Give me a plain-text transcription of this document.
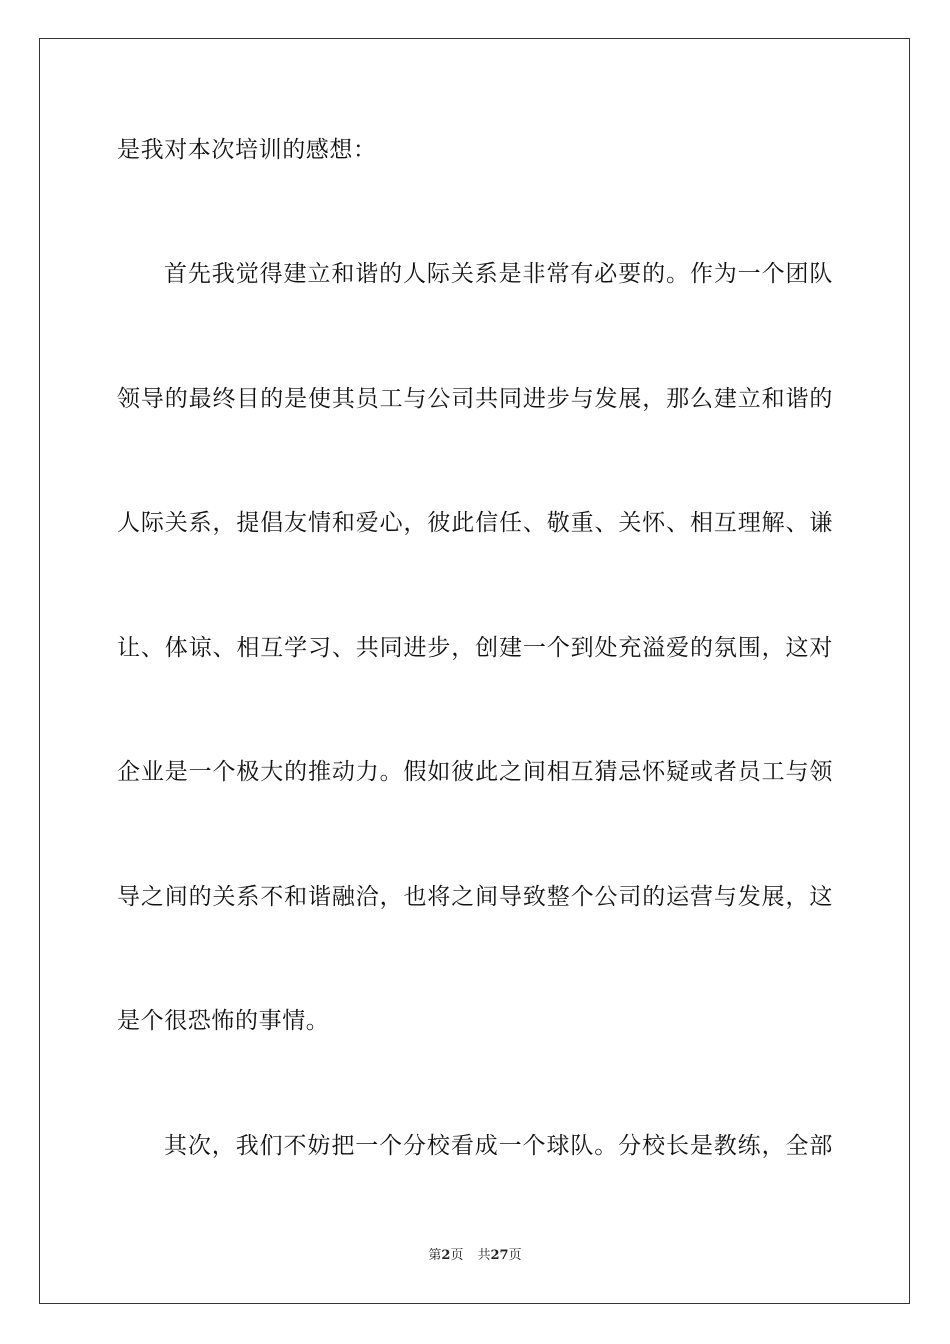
是我对本次培训的感想：
首先我觉得建立和谐的人际关系是非常有必要的。作为一个团队
领导的最终目的是使其员工与公司共同进步与发展，那么建立和谐的
人际关系，提倡友情和爱心，彼此信任、敬重、关怀、相互理解、谦
让、体谅、相互学习、共同进步，创建一个到处充溢爱的氛围，这对
企业是一个极大的推动力。假如彼此之间相互猜忌怀疑或者员工与领
导之间的关系不和谐融洽，也将之间导致整个公司的运营与发展，这
是个很恐怖的事情。
其次，我们不妨把一个分校看成一个球队。分校长是教练，全部
第2页 共27页
